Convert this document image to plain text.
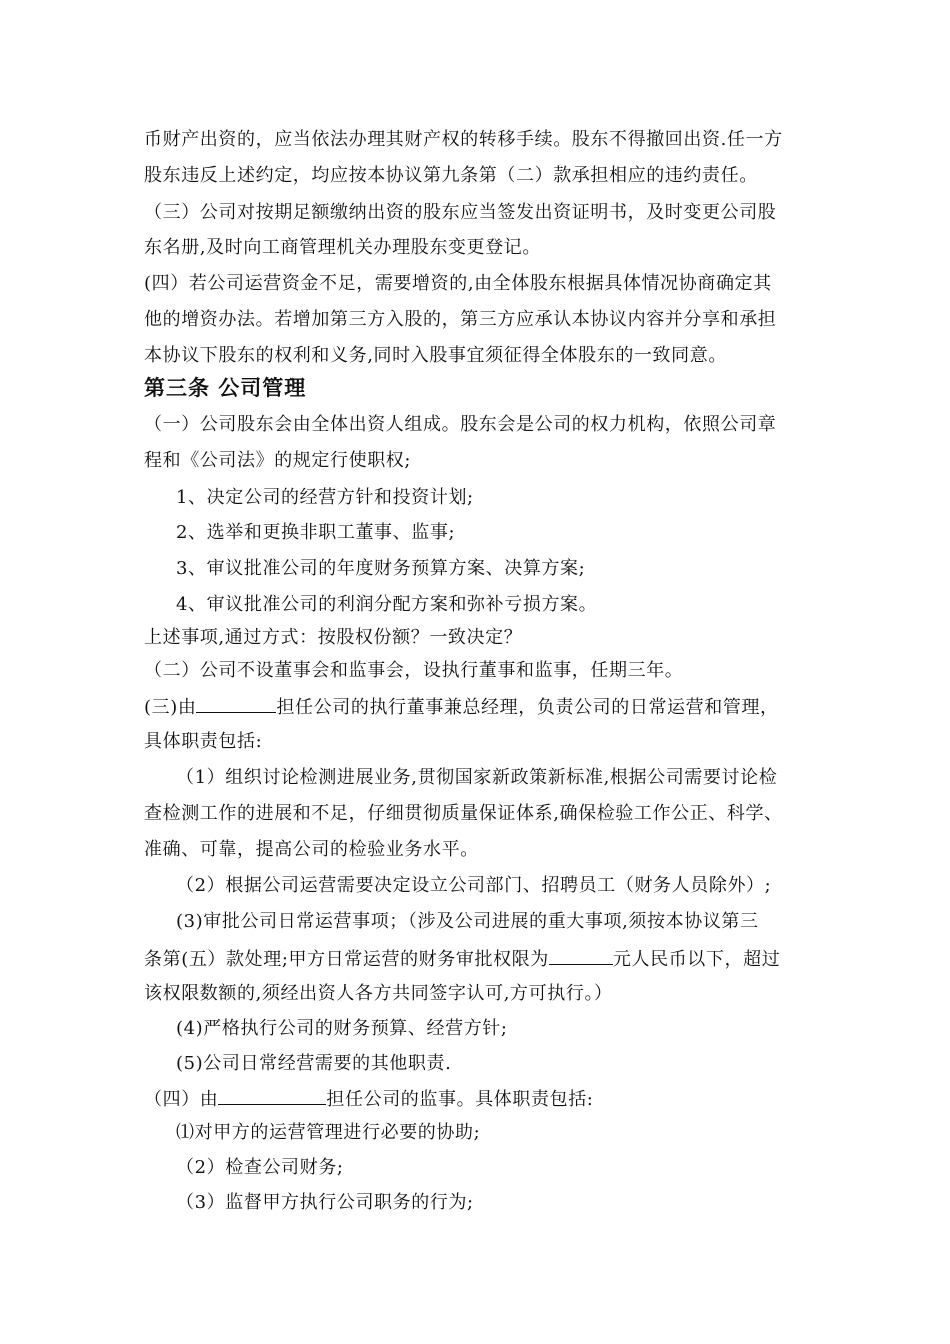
币财产出资的，应当依法办理其财产权的转移手续。股东不得撤回出资.任一方
股东违反上述约定，均应按本协议第九条第（二）款承担相应的违约责任。
（三）公司对按期足额缴纳出资的股东应当签发出资证明书，及时变更公司股
东名册,及时向工商管理机关办理股东变更登记。
(四）若公司运营资金不足，需要增资的,由全体股东根据具体情况协商确定其
他的增资办法。若增加第三方入股的，第三方应承认本协议内容并分享和承担
本协议下股东的权利和义务,同时入股事宜须征得全体股东的一致同意。
第三条 公司管理
（一）公司股东会由全体出资人组成。股东会是公司的权力机构，依照公司章
程和《公司法》的规定行使职权;
1、决定公司的经营方针和投资计划;
2、选举和更换非职工董事、监事;
3、审议批准公司的年度财务预算方案、决算方案;
4、审议批准公司的利润分配方案和弥补亏损方案。
上述事项,通过方式：按股权份额？一致决定？
（二）公司不设董事会和监事会，设执行董事和监事，任期三年。
(三)由	担任公司的执行董事兼总经理，负责公司的日常运营和管理，
具体职责包括:
（1）组织讨论检测进展业务,贯彻国家新政策新标准,根据公司需要讨论检
查检测工作的进展和不足，仔细贯彻质量保证体系,确保检验工作公正、科学、
准确、可靠，提高公司的检验业务水平。
（2）根据公司运营需要决定设立公司部门、招聘员工（财务人员除外）;
(3)审批公司日常运营事项；（涉及公司进展的重大事项,须按本协议第三
条第(五）款处理;甲方日常运营的财务审批权限为	元人民币以下，超过
该权限数额的,须经出资人各方共同签字认可,方可执行。）
(4)严格执行公司的财务预算、经营方针;
(5)公司日常经营需要的其他职责.
（四）由	担任公司的监事。具体职责包括:
⑴对甲方的运营管理进行必要的协助;
（2）检查公司财务;
（3）监督甲方执行公司职务的行为;
